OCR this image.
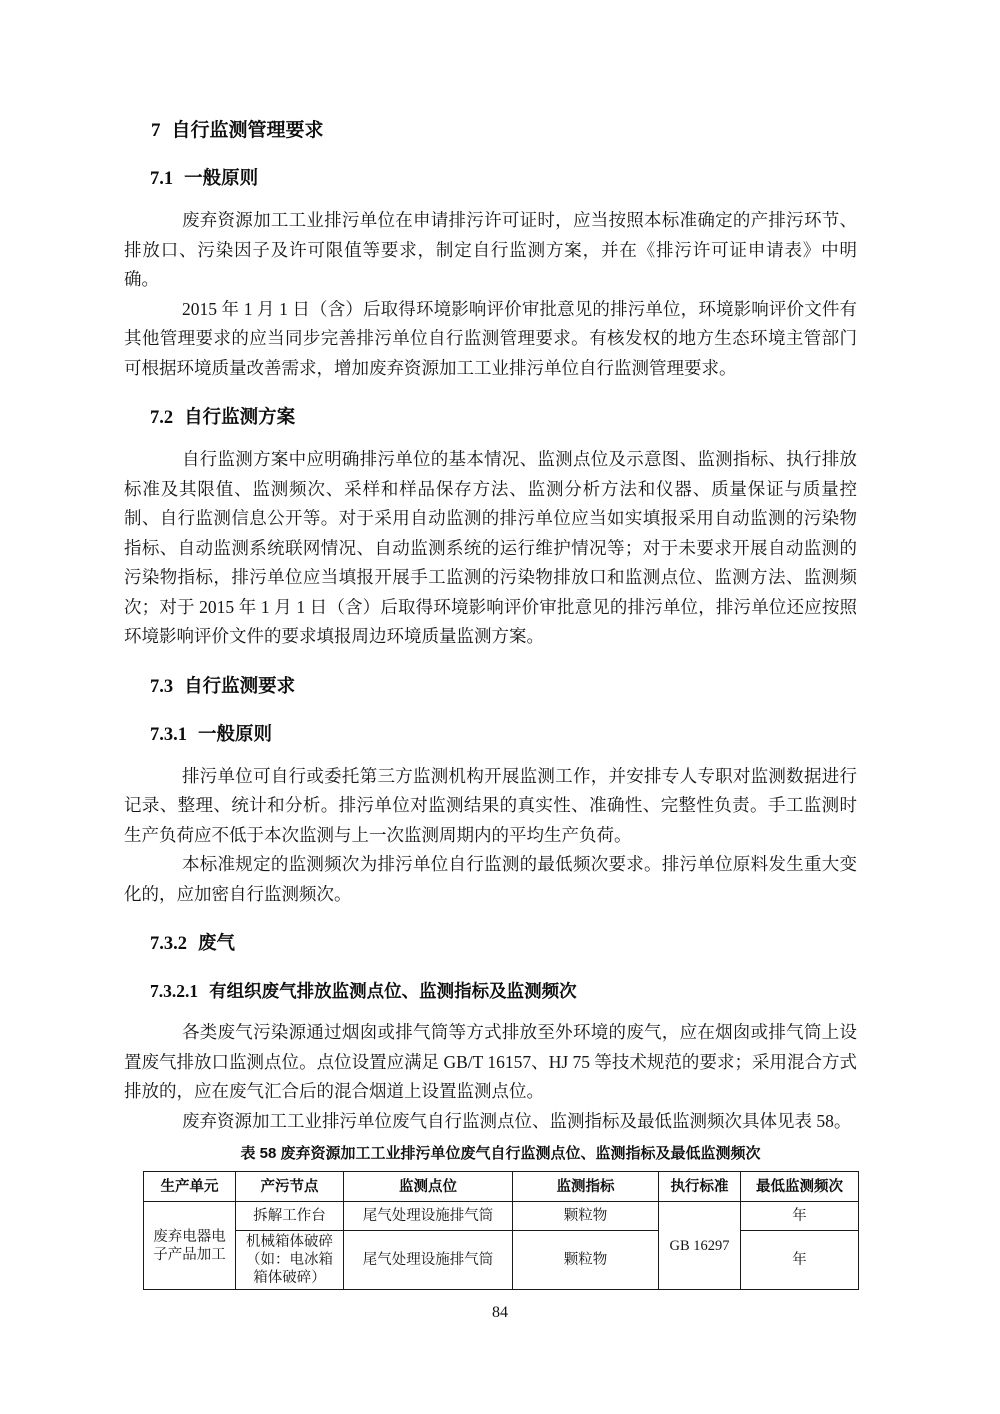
7 自行监测管理要求
7.1 一般原则

废弃资源加工工业排污单位在申请排污许可证时，应当按照本标准确定的产排污环节、排放口、污染因子及许可限值等要求，制定自行监测方案，并在《排污许可证申请表》中明确。

2015 年 1 月 1 日（含）后取得环境影响评价审批意见的排污单位，环境影响评价文件有其他管理要求的应当同步完善排污单位自行监测管理要求。有核发权的地方生态环境主管部门可根据环境质量改善需求，增加废弃资源加工工业排污单位自行监测管理要求。

7.2 自行监测方案

自行监测方案中应明确排污单位的基本情况、监测点位及示意图、监测指标、执行排放标准及其限值、监测频次、采样和样品保存方法、监测分析方法和仪器、质量保证与质量控制、自行监测信息公开等。对于采用自动监测的排污单位应当如实填报采用自动监测的污染物指标、自动监测系统联网情况、自动监测系统的运行维护情况等；对于未要求开展自动监测的污染物指标，排污单位应当填报开展手工监测的污染物排放口和监测点位、监测方法、监测频次；对于 2015 年 1 月 1 日（含）后取得环境影响评价审批意见的排污单位，排污单位还应按照环境影响评价文件的要求填报周边环境质量监测方案。

7.3 自行监测要求
7.3.1 一般原则

排污单位可自行或委托第三方监测机构开展监测工作，并安排专人专职对监测数据进行记录、整理、统计和分析。排污单位对监测结果的真实性、准确性、完整性负责。手工监测时生产负荷应不低于本次监测与上一次监测周期内的平均生产负荷。

本标准规定的监测频次为排污单位自行监测的最低频次要求。排污单位原料发生重大变化的，应加密自行监测频次。

7.3.2 废气
7.3.2.1 有组织废气排放监测点位、监测指标及监测频次

各类废气污染源通过烟囱或排气筒等方式排放至外环境的废气，应在烟囱或排气筒上设置废气排放口监测点位。点位设置应满足 GB/T 16157、HJ 75 等技术规范的要求；采用混合方式排放的，应在废气汇合后的混合烟道上设置监测点位。

废弃资源加工工业排污单位废气自行监测点位、监测指标及最低监测频次具体见表 58。

表 58 废弃资源加工工业排污单位废气自行监测点位、监测指标及最低监测频次
生产单元	产污节点	监测点位	监测指标	执行标准	最低监测频次
废弃电器电子产品加工	拆解工作台	尾气处理设施排气筒	颗粒物	GB 16297	年
	机械箱体破碎（如：电冰箱箱体破碎）	尾气处理设施排气筒	颗粒物		年
84
